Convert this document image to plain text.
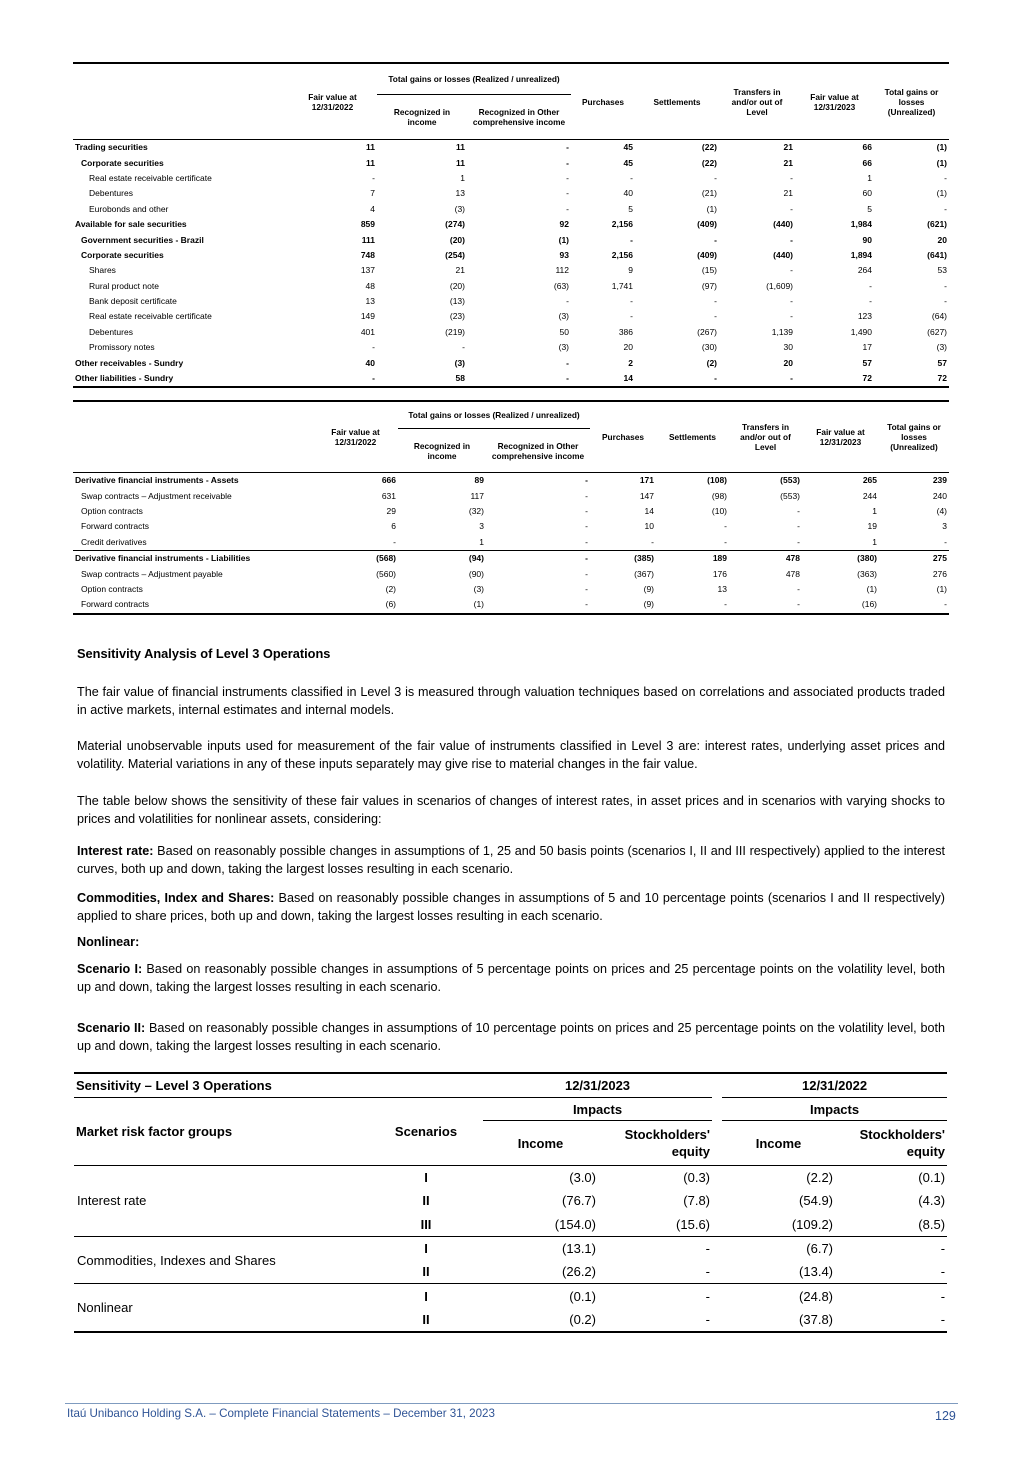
	Fair value at 12/31/2022	Total gains or losses (Realized / unrealized)		Purchases	Settlements	Transfers in and/or out of Level	Fair value at 12/31/2023	Total gains or losses (Unrealized)
		Recognized in income	Recognized in Other comprehensive income					

Trading securities	11	11	-	45	(22)	21	66	(1)
Corporate securities	11	11	-	45	(22)	21	66	(1)
Real estate receivable certificate	-	1	-	-	-	-	1	-
Debentures	7	13	-	40	(21)	21	60	(1)
Eurobonds and other	4	(3)	-	5	(1)	-	5	-
Available for sale securities	859	(274)	92	2,156	(409)	(440)	1,984	(621)
Government securities - Brazil	111	(20)	(1)	-	-	-	90	20
Corporate securities	748	(254)	93	2,156	(409)	(440)	1,894	(641)
Shares	137	21	112	9	(15)	-	264	53
Rural product note	48	(20)	(63)	1,741	(97)	(1,609)	-	-
Bank deposit certificate	13	(13)	-	-	-	-	-	-
Real estate receivable certificate	149	(23)	(3)	-	-	-	123	(64)
Debentures	401	(219)	50	386	(267)	1,139	1,490	(627)
Promissory notes	-	-	(3)	20	(30)	30	17	(3)
Other receivables - Sundry	40	(3)	-	2	(2)	20	57	57
Other liabilities - Sundry	-	58	-	14	-	-	72	72
	Fair value at 12/31/2022	Total gains or losses (Realized / unrealized)		Purchases	Settlements	Transfers in and/or out of Level	Fair value at 12/31/2023	Total gains or losses (Unrealized)
		Recognized in income	Recognized in Other comprehensive income					

Derivative financial instruments - Assets	666	89	-	171	(108)	(553)	265	239
Swap contracts – Adjustment receivable	631	117	-	147	(98)	(553)	244	240
Option contracts	29	(32)	-	14	(10)	-	1	(4)
Forward contracts	6	3	-	10	-	-	19	3
Credit derivatives	-	1	-	-	-	-	1	-
Derivative financial instruments - Liabilities	(568)	(94)	-	(385)	189	478	(380)	275
Swap contracts – Adjustment payable	(560)	(90)	-	(367)	176	478	(363)	276
Option contracts	(2)	(3)	-	(9)	13	-	(1)	(1)
Forward contracts	(6)	(1)	-	(9)	-	-	(16)	-
Sensitivity Analysis of Level 3 Operations
The fair value of financial instruments classified in Level 3 is measured through valuation techniques based on correlations and associated products traded in active markets, internal estimates and internal models.
Material unobservable inputs used for measurement of the fair value of instruments classified in Level 3 are: interest rates, underlying asset prices and volatility. Material variations in any of these inputs separately may give rise to material changes in the fair value.
The table below shows the sensitivity of these fair values in scenarios of changes of interest rates, in asset prices and in scenarios with varying shocks to prices and volatilities for nonlinear assets, considering:
Interest rate: Based on reasonably possible changes in assumptions of 1, 25 and 50 basis points (scenarios I, II and III respectively) applied to the interest curves, both up and down, taking the largest losses resulting in each scenario.
Commodities, Index and Shares: Based on reasonably possible changes in assumptions of 5 and 10 percentage points (scenarios I and II respectively) applied to share prices, both up and down, taking the largest losses resulting in each scenario.
Nonlinear:
Scenario I: Based on reasonably possible changes in assumptions of 5 percentage points on prices and 25 percentage points on the volatility level, both up and down, taking the largest losses resulting in each scenario.
Scenario II: Based on reasonably possible changes in assumptions of 10 percentage points on prices and 25 percentage points on the volatility level, both up and down, taking the largest losses resulting in each scenario.
Sensitivity – Level 3 Operations		12/31/2023			12/31/2022	
Market risk factor groups	Scenarios	Impacts			Impacts	
		Income	Stockholders' equity		Income	Stockholders' equity

Interest rate	I	(3.0)	(0.3)		(2.2)	(0.1)
	II	(76.7)	(7.8)		(54.9)	(4.3)
	III	(154.0)	(15.6)		(109.2)	(8.5)
Commodities, Indexes and Shares	I	(13.1)	-		(6.7)	-
	II	(26.2)	-		(13.4)	-
Nonlinear	I	(0.1)	-		(24.8)	-
	II	(0.2)	-		(37.8)	-
Itaú Unibanco Holding S.A. – Complete Financial Statements – December 31, 2023	129
